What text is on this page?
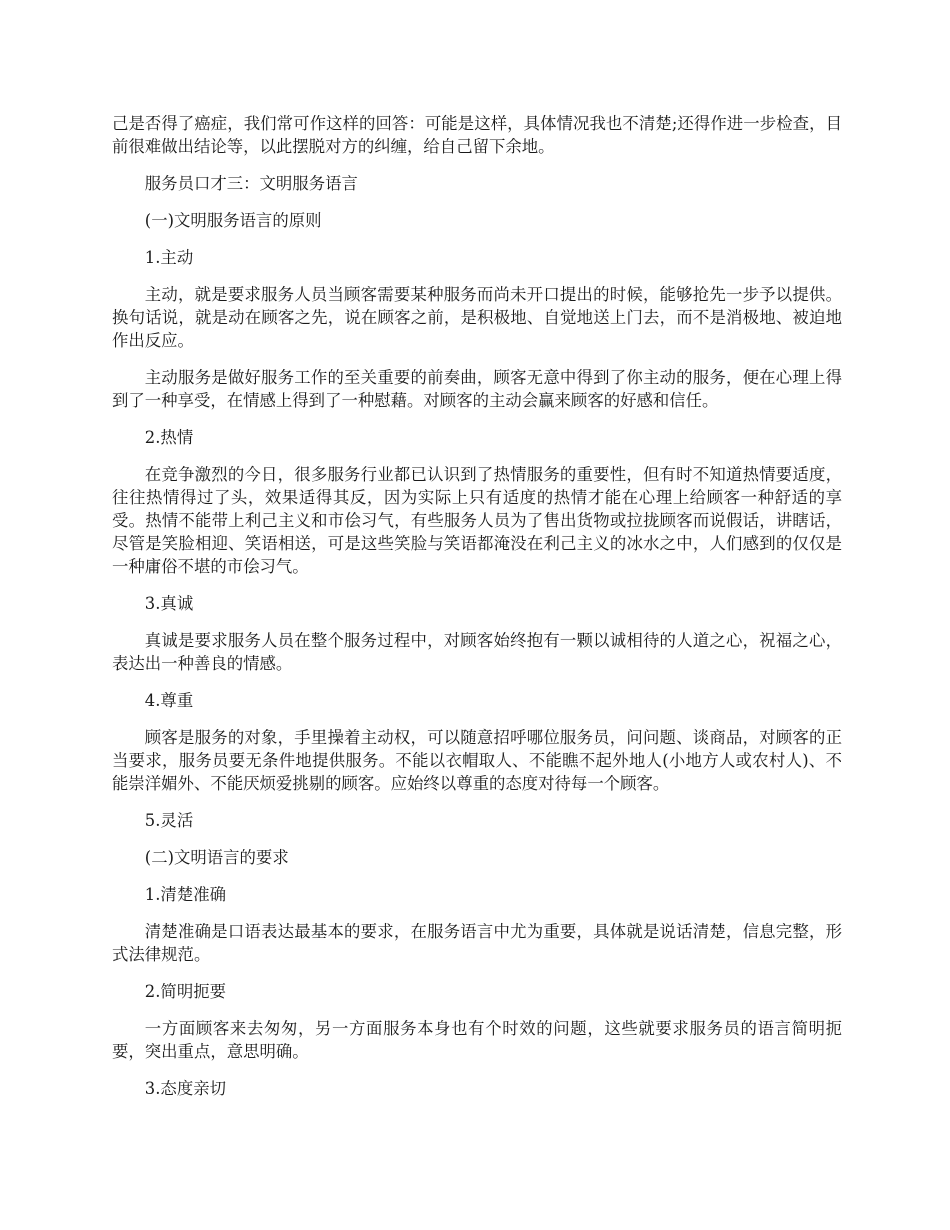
己是否得了癌症，我们常可作这样的回答：可能是这样，具体情况我也不清楚;还得作进一步检查，目前很难做出结论等，以此摆脱对方的纠缠，给自己留下余地。

服务员口才三：文明服务语言

(一)文明服务语言的原则

1.主动

主动，就是要求服务人员当顾客需要某种服务而尚未开口提出的时候，能够抢先一步予以提供。换句话说，就是动在顾客之先，说在顾客之前，是积极地、自觉地送上门去，而不是消极地、被迫地作出反应。

主动服务是做好服务工作的至关重要的前奏曲，顾客无意中得到了你主动的服务，便在心理上得到了一种享受，在情感上得到了一种慰藉。对顾客的主动会赢来顾客的好感和信任。

2.热情

在竞争激烈的今日，很多服务行业都已认识到了热情服务的重要性，但有时不知道热情要适度，往往热情得过了头，效果适得其反，因为实际上只有适度的热情才能在心理上给顾客一种舒适的享受。热情不能带上利己主义和市侩习气，有些服务人员为了售出货物或拉拢顾客而说假话，讲瞎话，尽管是笑脸相迎、笑语相送，可是这些笑脸与笑语都淹没在利己主义的冰水之中，人们感到的仅仅是一种庸俗不堪的市侩习气。

3.真诚

真诚是要求服务人员在整个服务过程中，对顾客始终抱有一颗以诚相待的人道之心，祝福之心，表达出一种善良的情感。

4.尊重

顾客是服务的对象，手里操着主动权，可以随意招呼哪位服务员，问问题、谈商品，对顾客的正当要求，服务员要无条件地提供服务。不能以衣帽取人、不能瞧不起外地人(小地方人或农村人)、不能崇洋媚外、不能厌烦爱挑剔的顾客。应始终以尊重的态度对待每一个顾客。

5.灵活

(二)文明语言的要求

1.清楚准确

清楚准确是口语表达最基本的要求，在服务语言中尤为重要，具体就是说话清楚，信息完整，形式法律规范。

2.简明扼要

一方面顾客来去匆匆，另一方面服务本身也有个时效的问题，这些就要求服务员的语言简明扼要，突出重点，意思明确。

3.态度亲切
